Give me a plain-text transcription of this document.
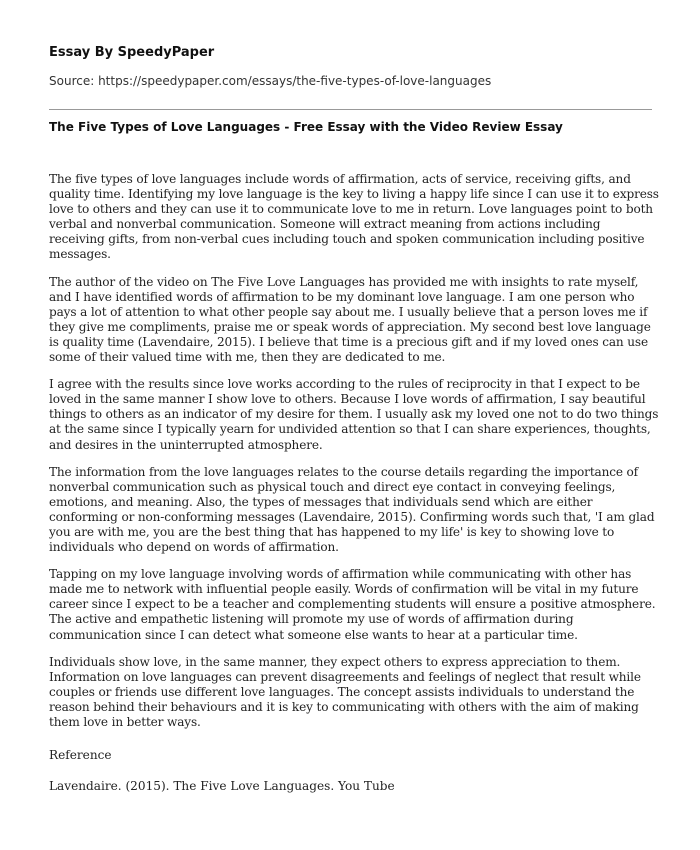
Essay By SpeedyPaper
Source: https://speedypaper.com/essays/the-five-types-of-love-languages
The Five Types of Love Languages - Free Essay with the Video Review Essay

The five types of love languages include words of affirmation, acts of service, receiving gifts, and quality time. Identifying my love language is the key to living a happy life since I can use it to express love to others and they can use it to communicate love to me in return. Love languages point to both verbal and nonverbal communication. Someone will extract meaning from actions including receiving gifts, from non-verbal cues including touch and spoken communication including positive messages.

The author of the video on The Five Love Languages has provided me with insights to rate myself, and I have identified words of affirmation to be my dominant love language. I am one person who pays a lot of attention to what other people say about me. I usually believe that a person loves me if they give me compliments, praise me or speak words of appreciation. My second best love language is quality time (Lavendaire, 2015). I believe that time is a precious gift and if my loved ones can use some of their valued time with me, then they are dedicated to me.

I agree with the results since love works according to the rules of reciprocity in that I expect to be loved in the same manner I show love to others. Because I love words of affirmation, I say beautiful things to others as an indicator of my desire for them. I usually ask my loved one not to do two things at the same since I typically yearn for undivided attention so that I can share experiences, thoughts, and desires in the uninterrupted atmosphere.

The information from the love languages relates to the course details regarding the importance of nonverbal communication such as physical touch and direct eye contact in conveying feelings, emotions, and meaning. Also, the types of messages that individuals send which are either conforming or non-conforming messages (Lavendaire, 2015). Confirming words such that, 'I am glad you are with me, you are the best thing that has happened to my life' is key to showing love to individuals who depend on words of affirmation.

Tapping on my love language involving words of affirmation while communicating with other has made me to network with influential people easily. Words of confirmation will be vital in my future career since I expect to be a teacher and complementing students will ensure a positive atmosphere. The active and empathetic listening will promote my use of words of affirmation during communication since I can detect what someone else wants to hear at a particular time.

Individuals show love, in the same manner, they expect others to express appreciation to them. Information on love languages can prevent disagreements and feelings of neglect that result while couples or friends use different love languages. The concept assists individuals to understand the reason behind their behaviours and it is key to communicating with others with the aim of making them love in better ways.

Reference
Lavendaire. (2015). The Five Love Languages. You Tube
